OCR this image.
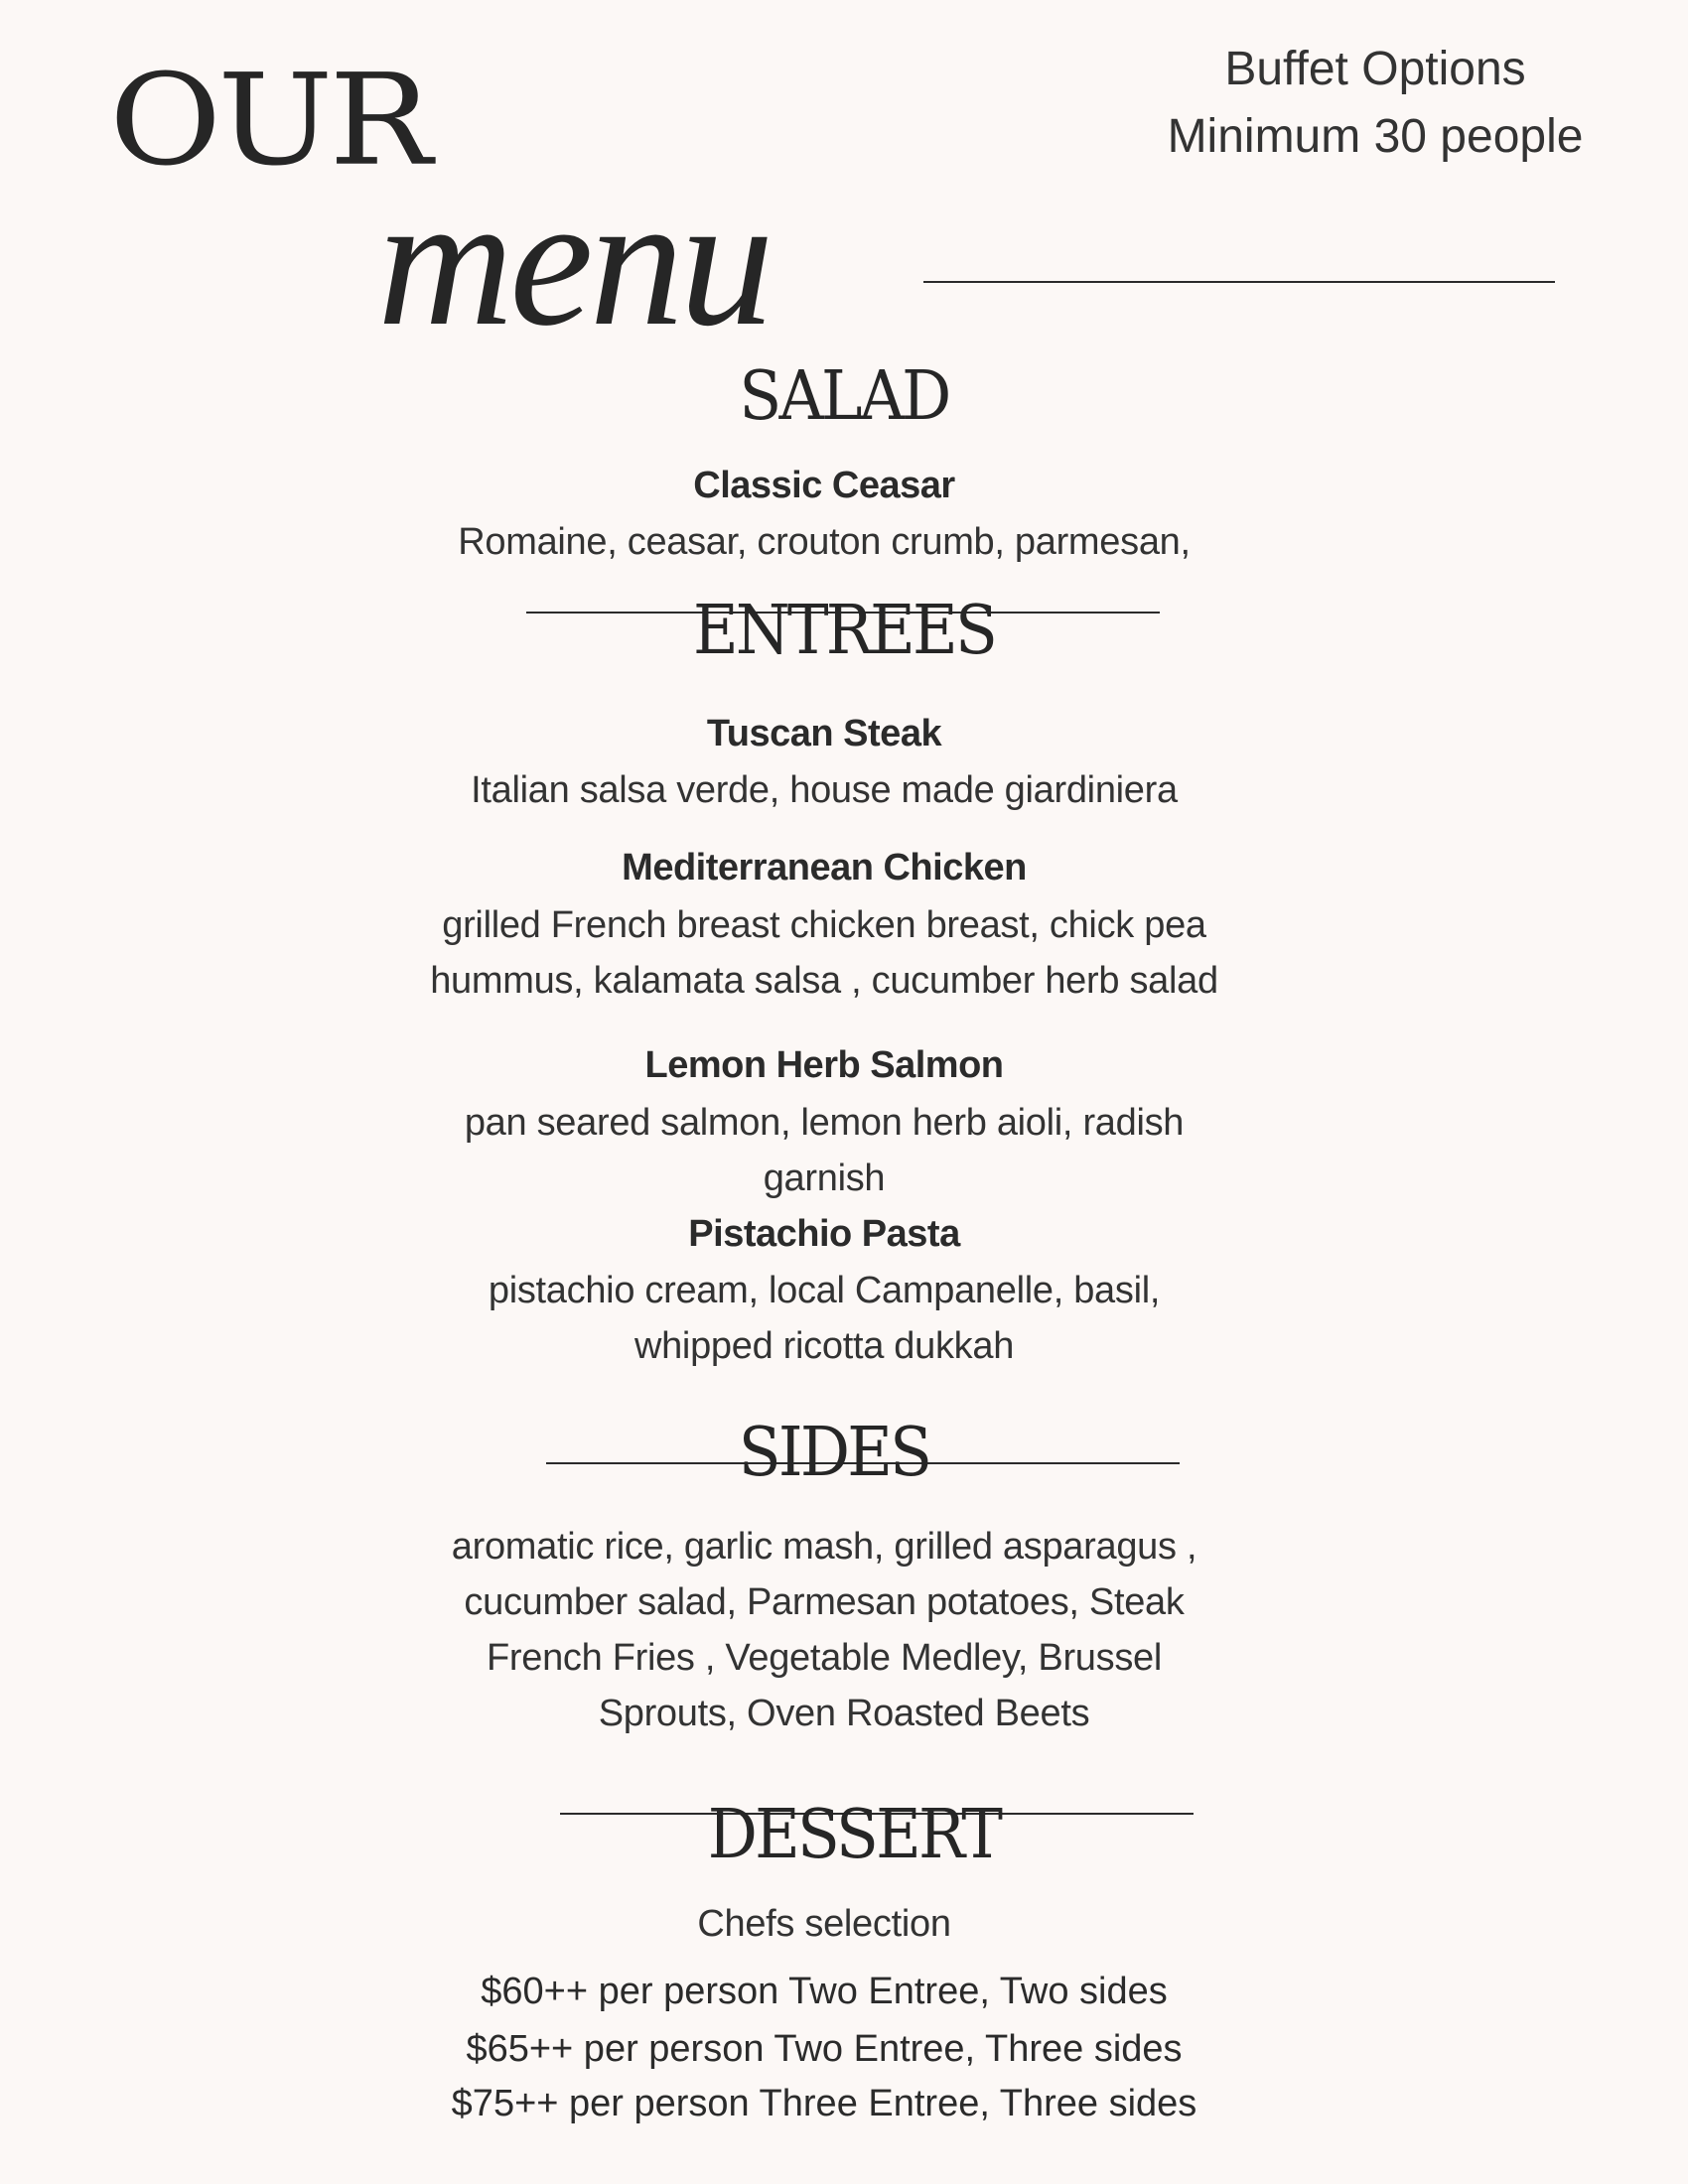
OUR
menu
Buffet Options
Minimum 30 people
SALAD
Classic Ceasar
Romaine, ceasar, crouton crumb, parmesan,
ENTREES
Tuscan Steak
Italian salsa verde, house made giardiniera
Mediterranean Chicken
grilled French breast chicken breast, chick pea
hummus, kalamata salsa , cucumber herb salad
Lemon Herb Salmon
pan seared salmon, lemon herb aioli, radish
garnish
Pistachio Pasta
pistachio cream, local Campanelle, basil,
whipped ricotta dukkah
SIDES
aromatic rice, garlic mash, grilled asparagus ,
cucumber salad, Parmesan potatoes, Steak
French Fries , Vegetable Medley, Brussel
Sprouts, Oven Roasted Beets
DESSERT
Chefs selection
$60++ per person Two Entree, Two sides
$65++ per person Two Entree, Three sides
$75++ per person Three Entree, Three sides
